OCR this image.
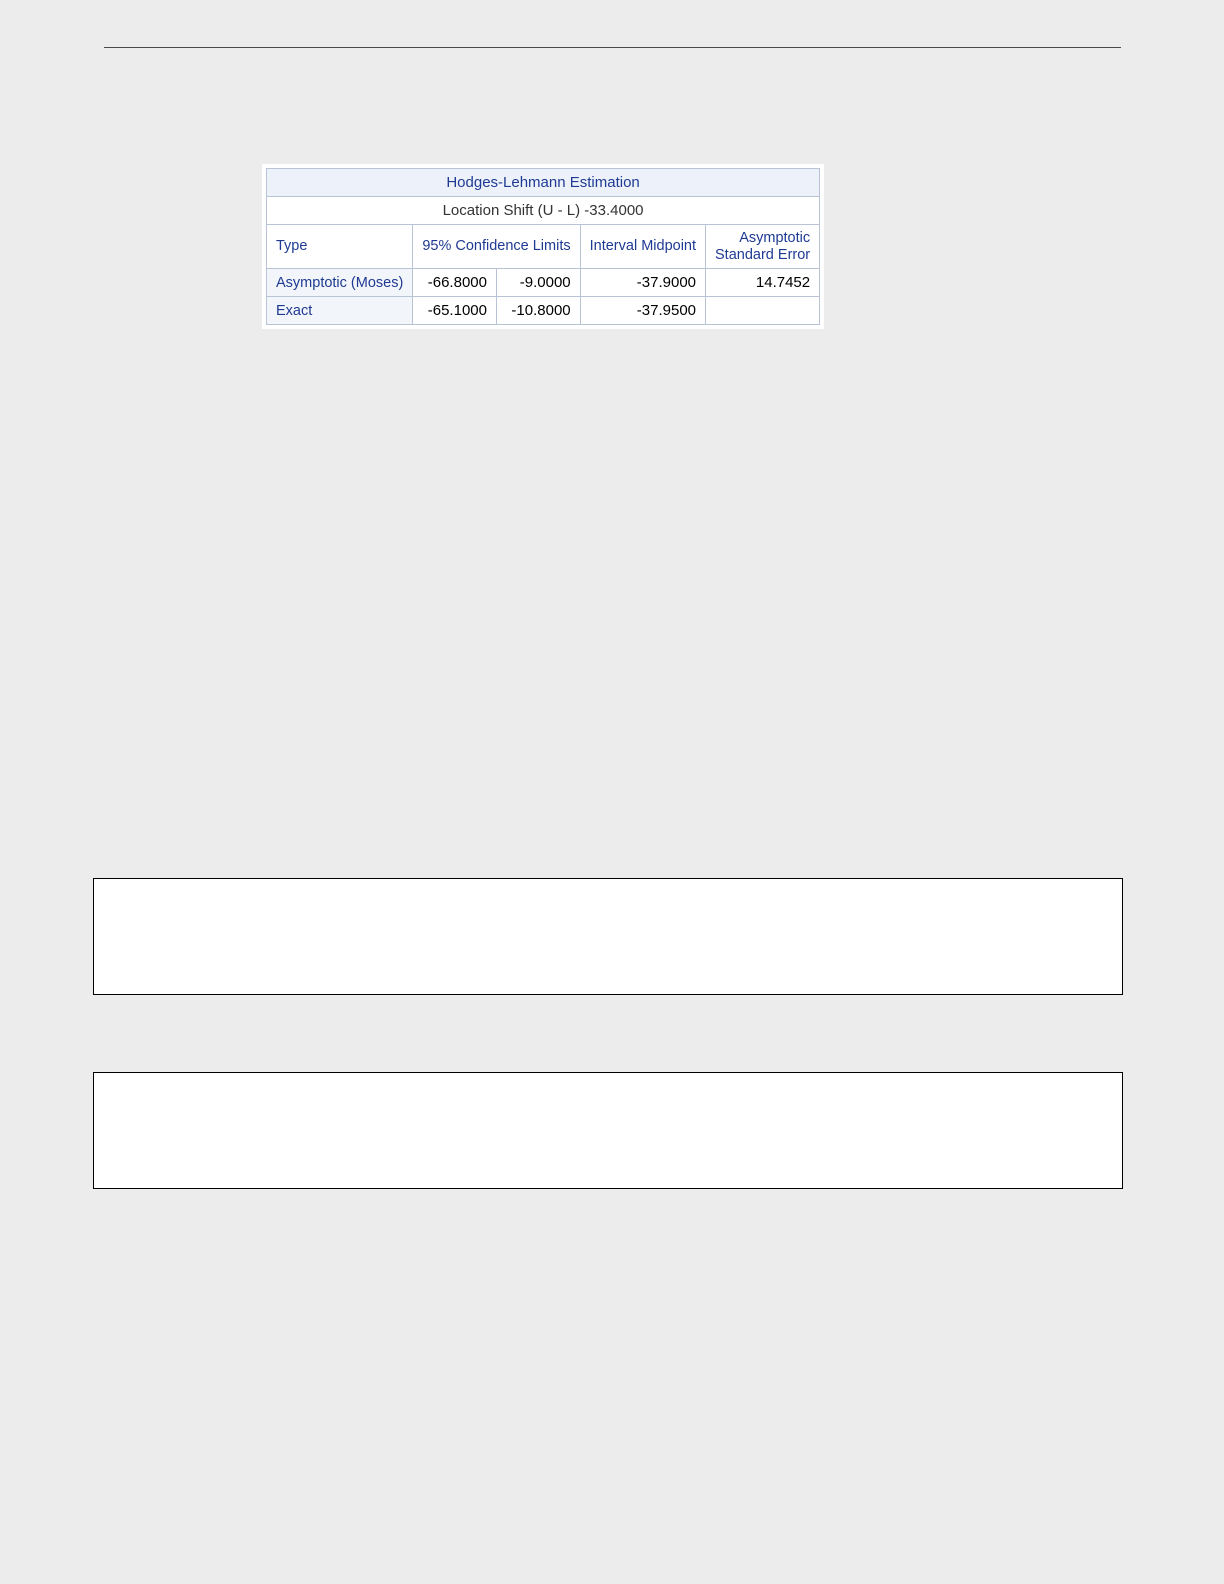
Hodges-Lehmann Estimation				
Location Shift (U - L) -33.4000				
Type	95% Confidence Limits		Interval Midpoint	Asymptotic
Standard Error
Asymptotic (Moses)	-66.8000	-9.0000	-37.9000	14.7452
Exact	-65.1000	-10.8000	-37.9500	
